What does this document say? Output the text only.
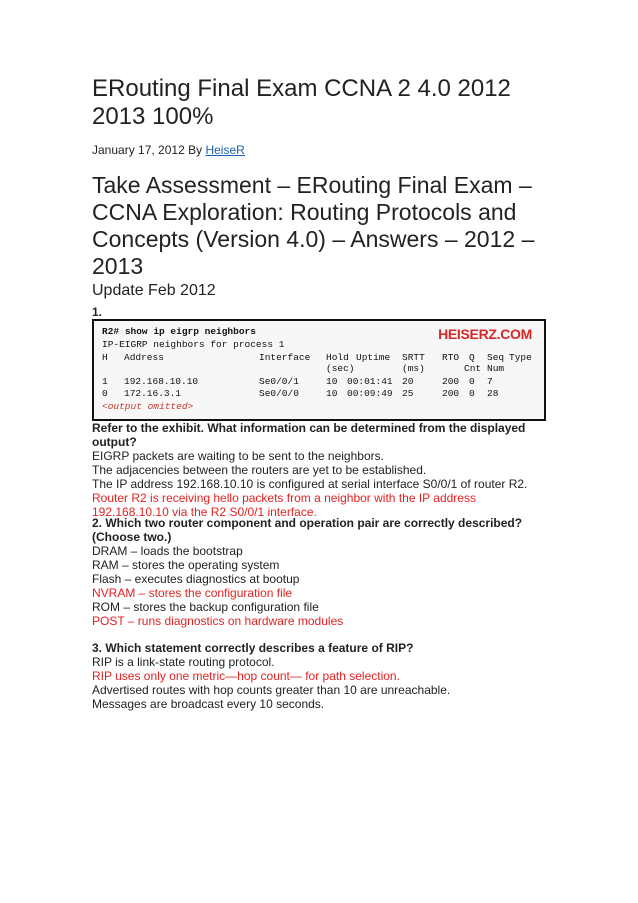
ERouting Final Exam CCNA 2 4.0 2012 2013 100%
January 17, 2012 By HeiseR
Take Assessment – ERouting Final Exam – CCNA Exploration: Routing Protocols and Concepts (Version 4.0) – Answers – 2012 – 2013
Update Feb 2012
1.
HEISERZ.COM
R2# show ip eigrp neighbors
IP-EIGRP neighbors for process 1
H Address	Interface Hold Uptime SRTT RTO Q Seq Type
(sec)	(ms)	Cnt Num
1 192.168.10.10	Se0/0/1	10 00:01:41 20	200 0 7
0 172.16.3.1	Se0/0/0	10 00:09:49 25	200 0 28
<output omitted>
Refer to the exhibit. What information can be determined from the displayed output?
EIGRP packets are waiting to be sent to the neighbors.
The adjacencies between the routers are yet to be established.
The IP address 192.168.10.10 is configured at serial interface S0/0/1 of router R2.
Router R2 is receiving hello packets from a neighbor with the IP address 192.168.10.10 via the R2 S0/0/1 interface.
2. Which two router component and operation pair are correctly described? (Choose two.)
DRAM – loads the bootstrap
RAM – stores the operating system
Flash – executes diagnostics at bootup
NVRAM – stores the configuration file
ROM – stores the backup configuration file
POST – runs diagnostics on hardware modules
3. Which statement correctly describes a feature of RIP?
RIP is a link-state routing protocol.
RIP uses only one metric—hop count— for path selection.
Advertised routes with hop counts greater than 10 are unreachable.
Messages are broadcast every 10 seconds.
